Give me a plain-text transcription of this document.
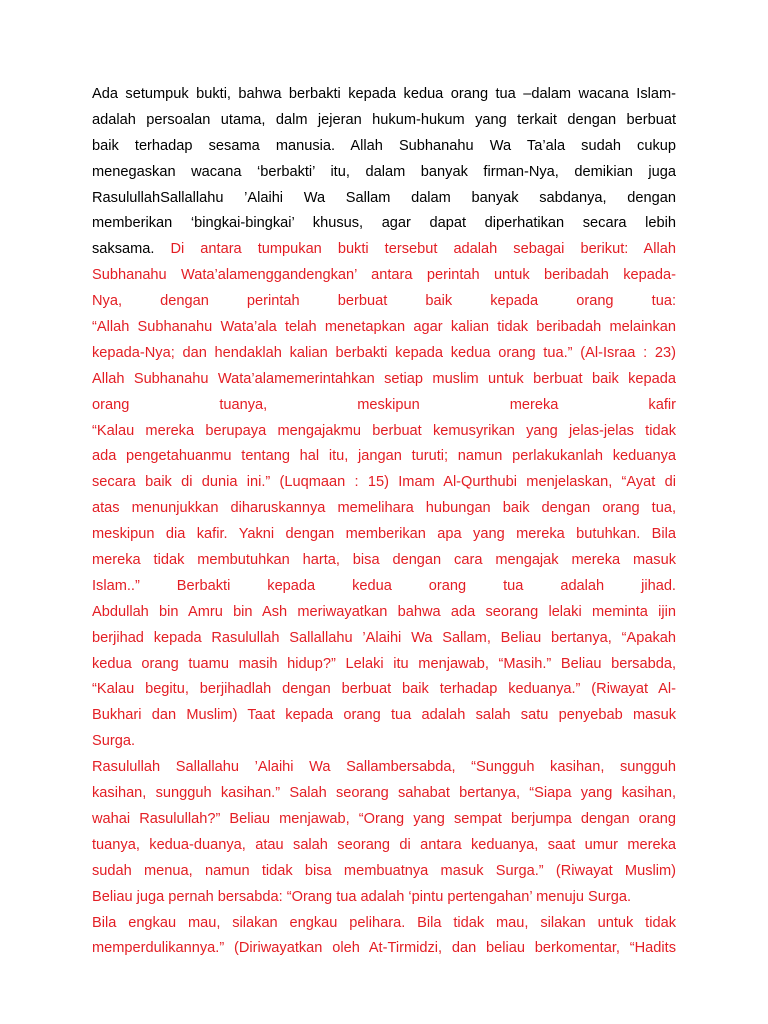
Ada setumpuk bukti, bahwa berbakti kepada kedua orang tua –dalam wacana Islam-
adalah persoalan utama, dalm jejeran hukum-hukum yang terkait dengan berbuat
baik terhadap sesama manusia. Allah Subhanahu Wa Ta’ala sudah cukup
menegaskan wacana ‘berbakti’ itu, dalam banyak firman-Nya, demikian juga
RasulullahSallallahu ’Alaihi Wa Sallam dalam banyak sabdanya, dengan
memberikan ‘bingkai-bingkai’ khusus, agar dapat diperhatikan secara lebih
saksama. Di antara tumpukan bukti tersebut adalah sebagai berikut: Allah
Subhanahu Wata’alamenggandengkan’ antara perintah untuk beribadah kepada-
Nya, dengan perintah berbuat baik kepada orang tua:
“Allah Subhanahu Wata’ala telah menetapkan agar kalian tidak beribadah melainkan
kepada-Nya; dan hendaklah kalian berbakti kepada kedua orang tua.” (Al-Israa : 23)
Allah Subhanahu Wata’alamemerintahkan setiap muslim untuk berbuat baik kepada
orang tuanya, meskipun mereka kafir
“Kalau mereka berupaya mengajakmu berbuat kemusyrikan yang jelas-jelas tidak
ada pengetahuanmu tentang hal itu, jangan turuti; namun perlakukanlah keduanya
secara baik di dunia ini.” (Luqmaan : 15) Imam Al-Qurthubi menjelaskan, “Ayat di
atas menunjukkan diharuskannya memelihara hubungan baik dengan orang tua,
meskipun dia kafir. Yakni dengan memberikan apa yang mereka butuhkan. Bila
mereka tidak membutuhkan harta, bisa dengan cara mengajak mereka masuk
Islam..” Berbakti kepada kedua orang tua adalah jihad.
Abdullah bin Amru bin Ash meriwayatkan bahwa ada seorang lelaki meminta ijin
berjihad kepada Rasulullah Sallallahu ’Alaihi Wa Sallam, Beliau bertanya, “Apakah
kedua orang tuamu masih hidup?” Lelaki itu menjawab, “Masih.” Beliau bersabda,
“Kalau begitu, berjihadlah dengan berbuat baik terhadap keduanya.” (Riwayat Al-
Bukhari dan Muslim) Taat kepada orang tua adalah salah satu penyebab masuk
Surga.
Rasulullah Sallallahu ’Alaihi Wa Sallambersabda, “Sungguh kasihan, sungguh
kasihan, sungguh kasihan.” Salah seorang sahabat bertanya, “Siapa yang kasihan,
wahai Rasulullah?” Beliau menjawab, “Orang yang sempat berjumpa dengan orang
tuanya, kedua-duanya, atau salah seorang di antara keduanya, saat umur mereka
sudah menua, namun tidak bisa membuatnya masuk Surga.” (Riwayat Muslim)
Beliau juga pernah bersabda: “Orang tua adalah ‘pintu pertengahan’ menuju Surga.
Bila engkau mau, silakan engkau pelihara. Bila tidak mau, silakan untuk tidak
memperdulikannya.” (Diriwayatkan oleh At-Tirmidzi, dan beliau berkomentar, “Hadits
